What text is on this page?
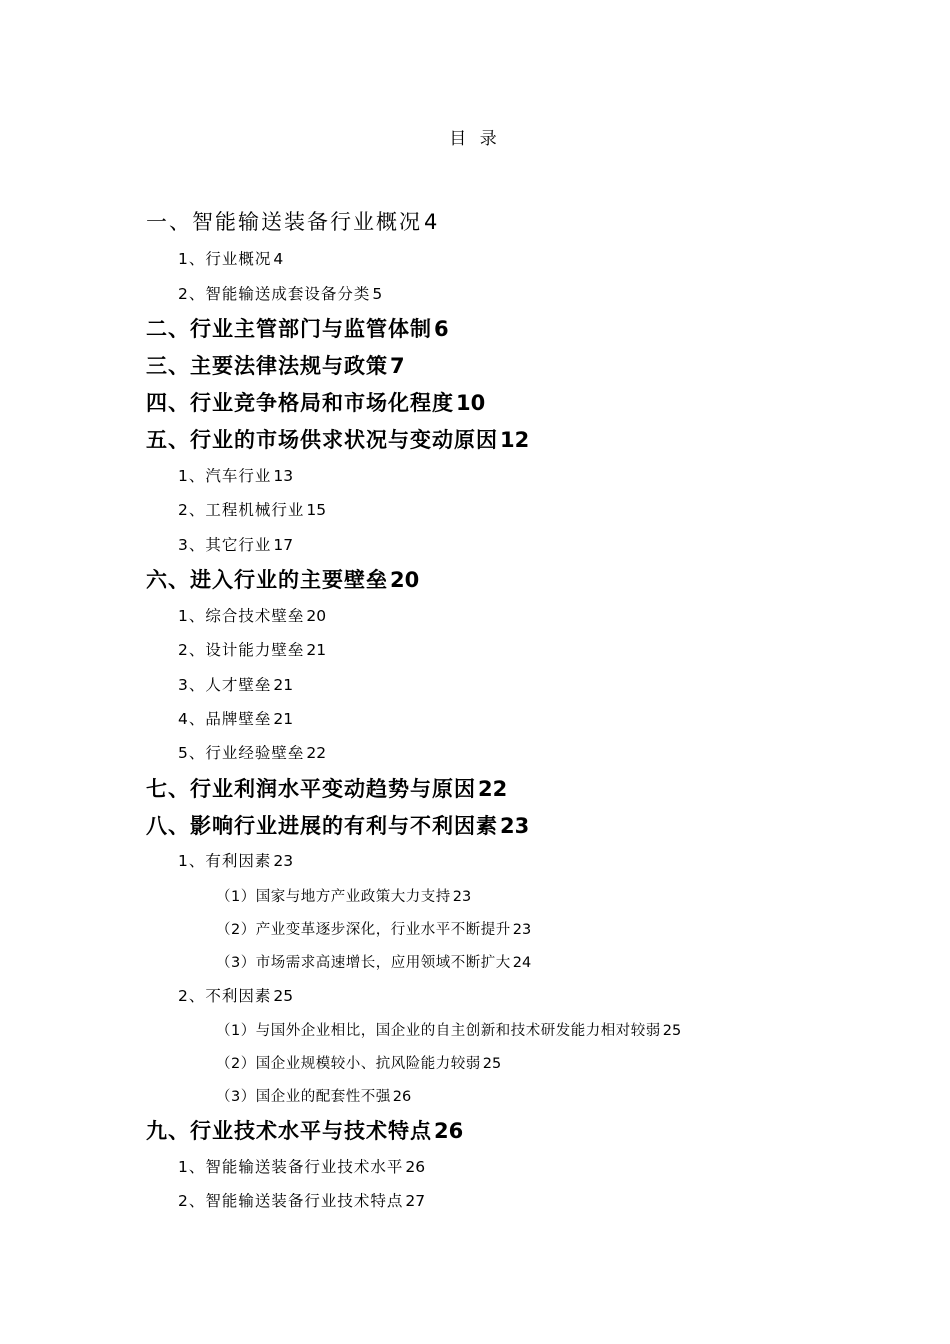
目 录
一、智能输送装备行业概况4
1、行业概况 4
2、智能输送成套设备分类 5
二、行业主管部门与监管体制6
三、主要法律法规与政策7
四、行业竞争格局和市场化程度10
五、行业的市场供求状况与变动原因12
1、汽车行业 13
2、工程机械行业 15
3、其它行业 17
六、进入行业的主要壁垒20
1、综合技术壁垒 20
2、设计能力壁垒 21
3、人才壁垒 21
4、品牌壁垒 21
5、行业经验壁垒 22
七、行业利润水平变动趋势与原因22
八、影响行业进展的有利与不利因素23
1、有利因素 23
（1）国家与地方产业政策大力支持 23
（2）产业变革逐步深化，行业水平不断提升 23
（3）市场需求高速增长，应用领域不断扩大 24
2、不利因素 25
（1）与国外企业相比，国企业的自主创新和技术研发能力相对较弱 25
（2）国企业规模较小、抗风险能力较弱 25
（3）国企业的配套性不强 26
九、行业技术水平与技术特点26
1、智能输送装备行业技术水平 26
2、智能输送装备行业技术特点 27
